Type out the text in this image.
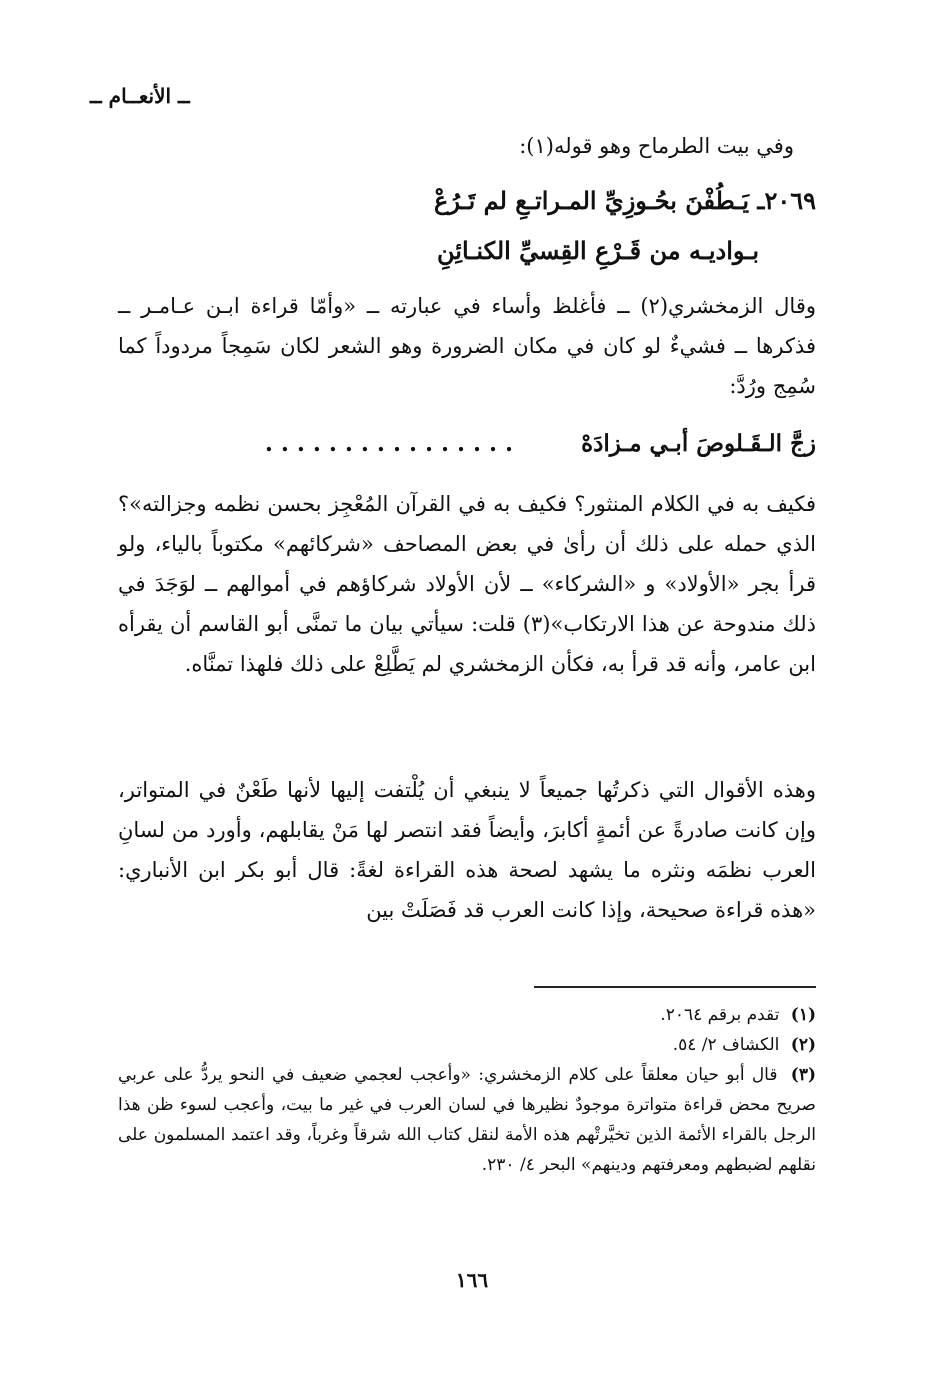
ــ الأنعــام ــ

وفي بيت الطرماح وهو قوله(١):

٢٠٦٩ـ يَـطُفْنَ بحُـوزِيِّ المـراتـعِ لم تَـرُعْ
بـواديـه من قَـرْعِ القِسيِّ الكنـائِنِ

وقال الزمخشري(٢) ــ فأغلظ وأساء في عبارته ــ «وأمّا قراءة ابـن عـامـر ــ فذكرها ــ فشيءٌ لو كان في مكان الضرورة وهو الشعر لكان سَمِجاً مردوداً كما سُمِج ورُدَّ:

زجَّ الـقَـلوصَ أبـي مـزادَهْ . . . . . . . . . . . . . . . .

فكيف به في الكلام المنثور؟ فكيف به في القرآن المُعْجِز بحسن نظمه وجزالته»؟ الذي حمله على ذلك أن رأىٰ في بعض المصاحف «شركائهم» مكتوباً بالياء، ولو قرأ بجر «الأولاد» و «الشركاء» ــ لأن الأولاد شركاؤهم في أموالهم ــ لوَجَدَ في ذلك مندوحة عن هذا الارتكاب»(٣) قلت: سيأتي بيان ما تمنَّى أبو القاسم أن يقرأه ابن عامر، وأنه قد قرأ به، فكأن الزمخشري لم يَطَّلِعْ على ذلك فلهذا تمنَّاه.

وهذه الأقوال التي ذكرتُها جميعاً لا ينبغي أن يُلْتفت إليها لأنها طَعْنٌ في المتواتر، وإن كانت صادرةً عن أئمةٍ أكابرَ، وأيضاً فقد انتصر لها مَنْ يقابلهم، وأورد من لسانِ العرب نظمَه ونثره ما يشهد لصحة هذه القراءة لغةً: قال أبو بكر ابن الأنباري: «هذه قراءة صحيحة، وإذا كانت العرب قد فَصَلَتْ بين

(١) تقدم برقم ٢٠٦٤.

(٢) الكشاف ٢/ ٥٤.

(٣) قال أبو حيان معلقاً على كلام الزمخشري: «وأعجب لعجمي ضعيف في النحو يردُّ على عربي صريح محض قراءة متواترة موجودٌ نظيرها في لسان العرب في غير ما بيت، وأعجب لسوء ظن هذا الرجل بالقراء الأئمة الذين تخيَّرتْهم هذه الأمة لنقل كتاب الله شرقاً وغرباً، وقد اعتمد المسلمون على نقلهم لضبطهم ومعرفتهم ودينهم» البحر ٤/ ٢٣٠.

١٦٦
